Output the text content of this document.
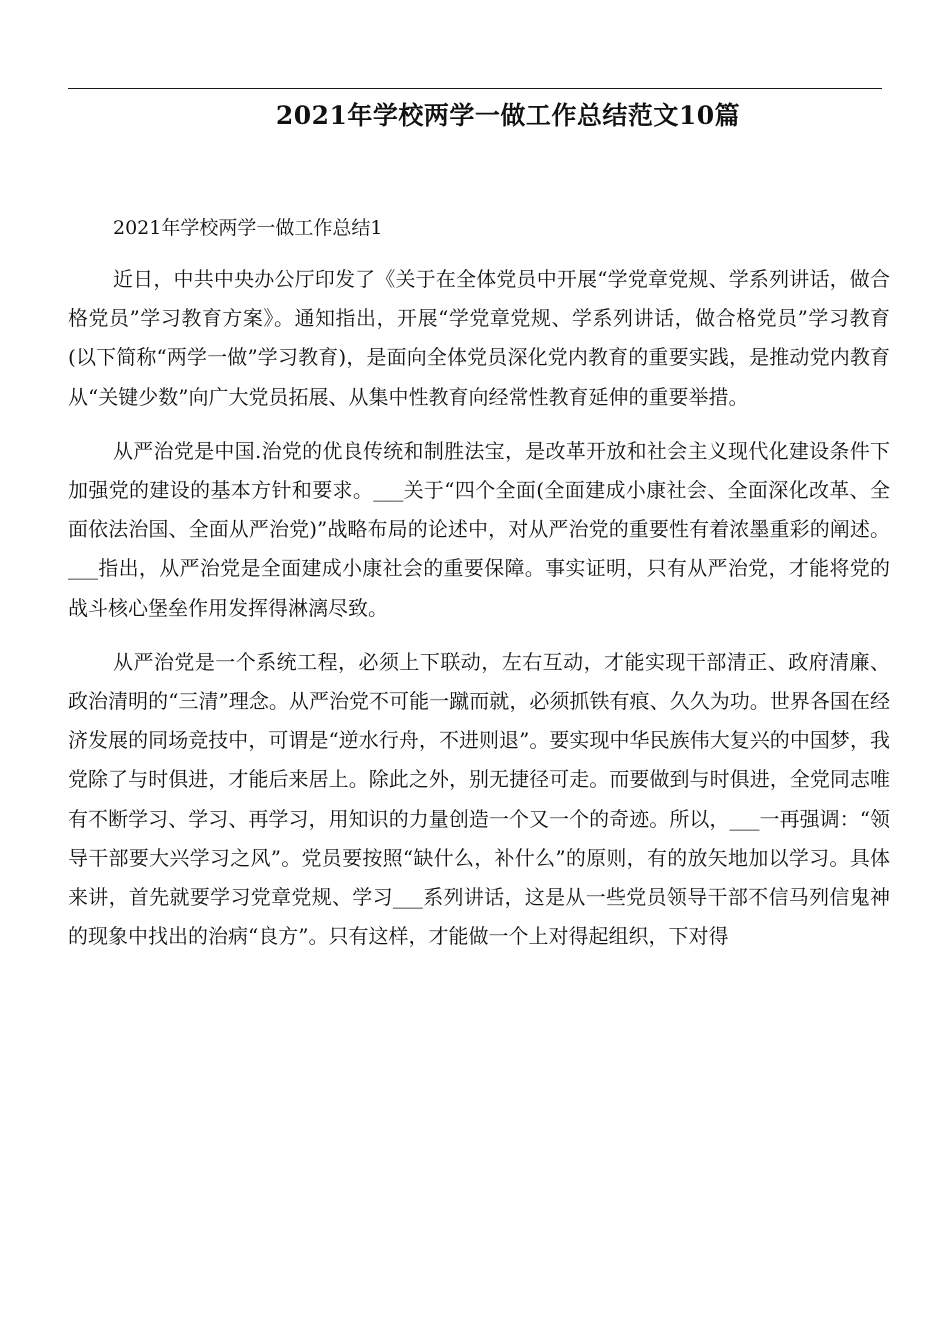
2021年学校两学一做工作总结范文10篇

2021年学校两学一做工作总结1

近日，中共中央办公厅印发了《关于在全体党员中开展“学党章党规、学系列讲话，做合格党员”学习教育方案》。通知指出，开展“学党章党规、学系列讲话，做合格党员”学习教育(以下简称“两学一做”学习教育)，是面向全体党员深化党内教育的重要实践，是推动党内教育从“关键少数”向广大党员拓展、从集中性教育向经常性教育延伸的重要举措。

从严治党是中国.治党的优良传统和制胜法宝，是改革开放和社会主义现代化建设条件下加强党的建设的基本方针和要求。___关于“四个全面(全面建成小康社会、全面深化改革、全面依法治国、全面从严治党)”战略布局的论述中，对从严治党的重要性有着浓墨重彩的阐述。___指出，从严治党是全面建成小康社会的重要保障。事实证明，只有从严治党，才能将党的战斗核心堡垒作用发挥得淋漓尽致。

从严治党是一个系统工程，必须上下联动，左右互动，才能实现干部清正、政府清廉、政治清明的“三清”理念。从严治党不可能一蹴而就，必须抓铁有痕、久久为功。世界各国在经济发展的同场竞技中，可谓是“逆水行舟，不进则退”。要实现中华民族伟大复兴的中国梦，我党除了与时俱进，才能后来居上。除此之外，别无捷径可走。而要做到与时俱进，全党同志唯有不断学习、学习、再学习，用知识的力量创造一个又一个的奇迹。所以，___一再强调：“领导干部要大兴学习之风”。党员要按照“缺什么，补什么”的原则，有的放矢地加以学习。具体来讲，首先就要学习党章党规、学习___系列讲话，这是从一些党员领导干部不信马列信鬼神的现象中找出的治病“良方”。只有这样，才能做一个上对得起组织，下对得
